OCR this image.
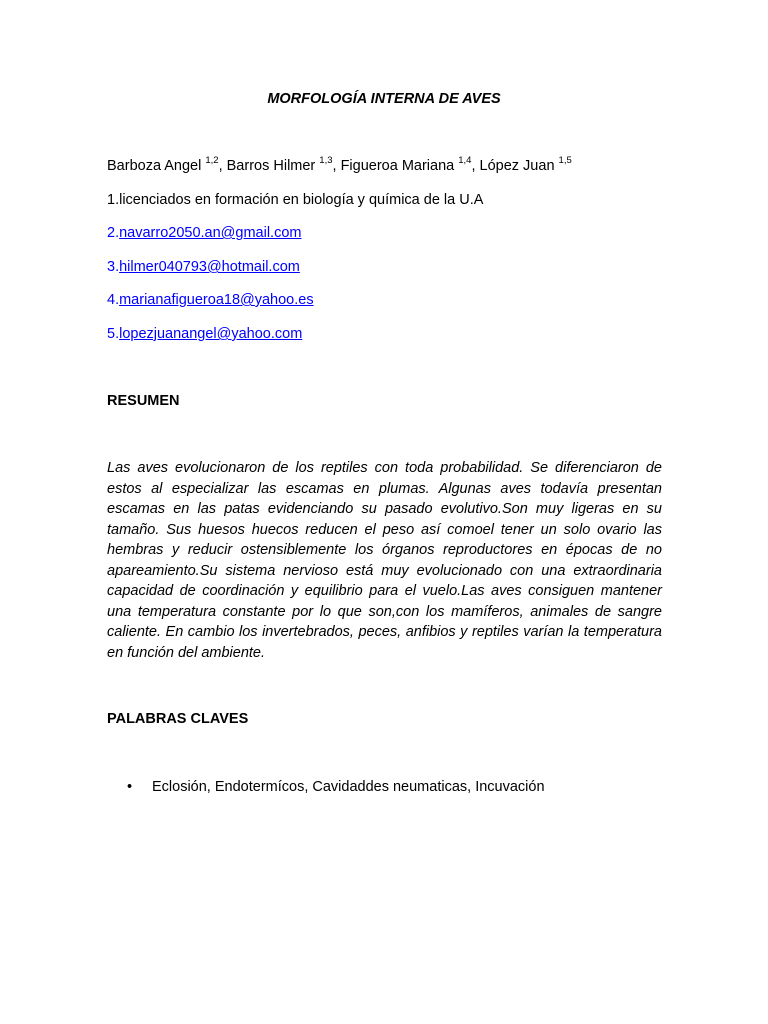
MORFOLOGÍA INTERNA DE AVES
Barboza Angel $^{1,2}$, Barros Hilmer $^{1,3}$, Figueroa Mariana $^{1,4}$, López Juan $^{1,5}$
1.licenciados en formación en biología y química de la U.A
2.navarro2050.an@gmail.com
3.hilmer040793@hotmail.com
4.marianafigueroa18@yahoo.es
5.lopezjuanangel@yahoo.com
RESUMEN

Las aves evolucionaron de los reptiles con toda probabilidad. Se diferenciaron de estos al especializar las escamas en plumas. Algunas aves todavía presentan escamas en las patas evidenciando su pasado evolutivo.Son muy ligeras en su tamaño. Sus huesos huecos reducen el peso así comoel tener un solo ovario las hembras y reducir ostensiblemente los órganos reproductores en épocas de no apareamiento.Su sistema nervioso está muy evolucionado con una extraordinaria capacidad de coordinación y equilibrio para el vuelo.Las aves consiguen mantener una temperatura constante por lo que son,con los mamíferos, animales de sangre caliente. En cambio los invertebrados, peces, anfibios y reptiles varían la temperatura en función del ambiente.

PALABRAS CLAVES
• Eclosión, Endotermícos, Cavidaddes neumaticas, Incuvación
